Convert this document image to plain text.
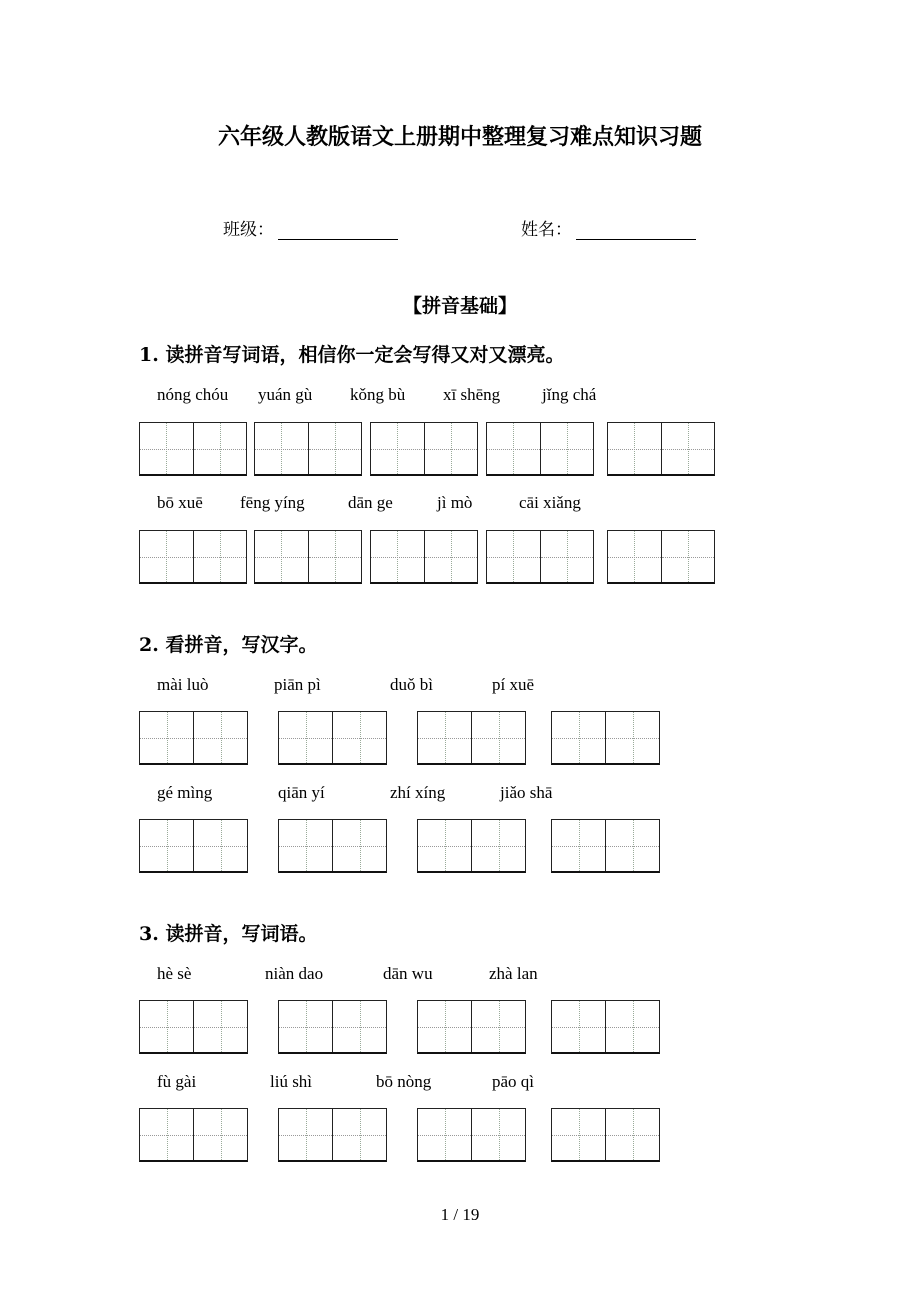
六年级人教版语文上册期中整理复习难点知识习题
班级：	姓名：
【拼音基础】
1. 读拼音写词语，相信你一定会写得又对又漂亮。
2. 看拼音，写汉字。
3. 读拼音，写词语。
1 / 19
nóng chóu yuán gù kǒng bù xī shēng jǐng chá
bō xuē fēng yíng	dān ge	jì mò	cāi xiǎng
mài luò	piān pì	duǒ bì	pí xuē
gé mìng	qiān yí	zhí xíng	jiǎo shā
hè sè	niàn dao	dān wu	zhà lan
fù gài	liú shì	bō nòng	pāo qì
